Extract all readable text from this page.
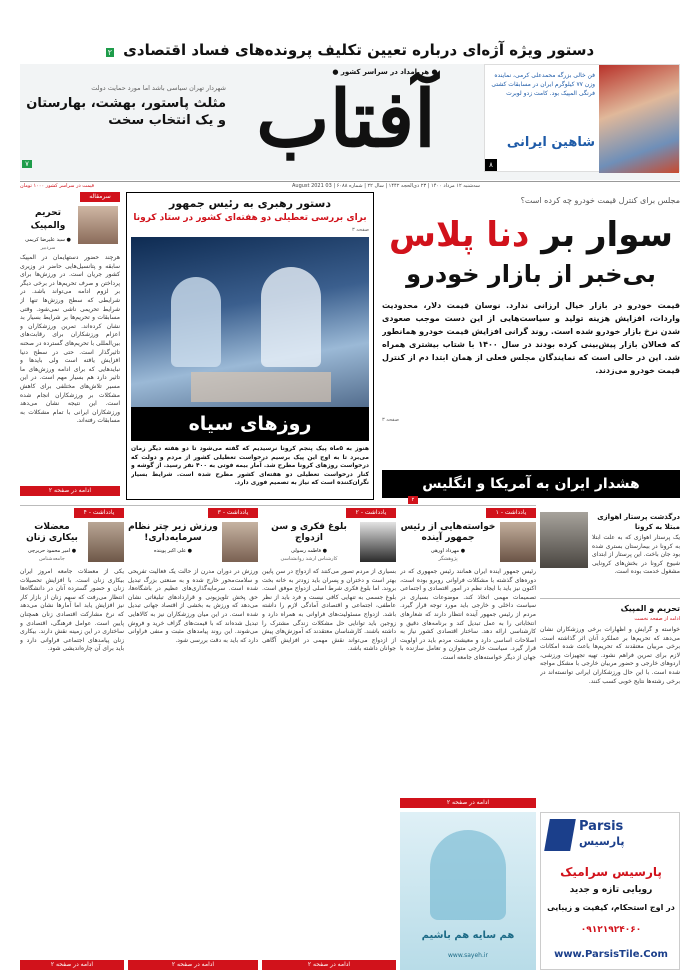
دستور ویژه آژه‌ای درباره تعیین تکلیف پرونده‌های فساد اقتصادی ۲
فن خالی بزرگه محمدعلی کرمی، نماینده وزن ۷۷ کیلوگرم ایران در مسابقات کشتی فرنگی المپیک بود. کامت زدو لوبرت
شاهین ایرانی
۸
● هربامداد در سراسر کشور ●
آفتاب
شهردار تهران سیاسی باشد اما مورد حمایت دولت
مثلث پاستور، بهشت، بهارستان
و یک انتخاب سخت
۷
سه‌شنبه ۱۲ مرداد ۱۴۰۰ | ۲۳ ذی‌الحجه ۱۴۴۲ | سال ۲۲ | شماره ۶۰۸۸ | 03 August 2021
قیمت در سراسر کشور ۱۰۰۰ تومان
سرمقاله
تحریم
والمپیک
● سید علیرضا کریمی
سردبیر
هرچند حضور دستهایمان در المپیک سابقه و پتانسیل‌هایی حاضر در وزیری کشور جریان است. در ورزش‌ها برای پرداختن و صرف تحریم‌ها در برخی دیگر بر لزوم ادامه می‌تواند باشد. در شرایطی که سطح ورزش‌ها تنها از شرایط تحریمی ناشی نمی‌شود. وقتی مسابقات و تحریم‌ها بر شرایط بسیار بد نشان کرده‌اند. تمرین ورزشکاران و اعزام ورزشکاران برای رقابت‌های بین‌المللی با تحریم‌های گسترده در صحنه تاثیرگذار است. حتی در سطح دنیا افزایش یافته است ولی بایدها و نبایدهایی که برای ادامه ورزش‌های ما تاثیر دارد هم بسیار مهم است. در این مسیر تلاش‌های مختلفی برای کاهش مشکلات بر ورزشکاران انجام شده است. این نتیجه نشان می‌دهد ورزشکاران ایرانی با تمام مشکلات به مسابقات رفته‌اند.
ادامه در صفحه ۲
دستور رهبری به رئیس جمهور
برای بررسی تعطیلی دو هفته‌ای کشور در ستاد کرونا
صفحه ۳
روزهای سیاه
هنوز به ۵ماه پیک پنجم کرونا نرسیدیم که گفته می‌شود تا دو هفته دیگر زمان می‌برد تا به اوج این پیک برسیم درخواست تعطیلی کشور از مردم و دولت که درخواست روزهای کرونا مطرح شد. آمار بیمه فوتی به ۴۰۰ نفر رسید. از گوشه و کنار درخواست تعطیلی دو هفته‌ای کشور مطرح شده است. شرایط بسیار نگران‌کننده است که نیاز به تصمیم فوری دارد.
مجلس برای کنترل قیمت خودرو چه کرده است؟
سوار بر دنا پلاس
بی‌خبر از بازار خودرو
قیمت خودرو در بازار خیال ارزانی ندارد. نوسان قیمت دلار، محدودیت واردات، افزایش هزینه تولید و سیاست‌هایی از این دست موجب صعودی شدن نرخ بازار خودرو شده است. روند گرانی افزایش قیمت خودرو همانطور که فعالان بازار پیش‌بینی کرده بودند در سال ۱۴۰۰ با شتاب بیشتری همراه شد. این در حالی است که نمایندگان مجلس فعلی از همان ابتدا دم از کنترل قیمت خودرو می‌زدند.
صفحه ۳
هشدار ایران به آمریکا و انگلیس
۲
یادداشت - ۴
معضلات بیکاری زنان
● امیر محمود حریرچی
جامعه‌شناس
یکی از معضلات جامعه امروز ایران بیکاری زنان است. با افزایش تحصیلات زنان و حضور گسترده آنان در دانشگاه‌ها انتظار می‌رفت که سهم زنان از بازار کار نیز افزایش یابد اما آمارها نشان می‌دهد که نرخ مشارکت اقتصادی زنان همچنان پایین است. عوامل فرهنگی، اقتصادی و ساختاری در این زمینه نقش دارند. بیکاری زنان پیامدهای اجتماعی فراوانی دارد و باید برای آن چاره‌اندیشی شود.
ادامه در صفحه ۲
یادداشت - ۳
ورزش زیر چتر نظام سرمایه‌داری!
● علی اکبر پوینده
ورزش در دوران مدرن از حالت یک فعالیت تفریحی و سلامت‌محور خارج شده و به صنعتی بزرگ تبدیل شده است. سرمایه‌گذاری‌های عظیم در باشگاه‌ها، حق پخش تلویزیونی و قراردادهای تبلیغاتی نشان می‌دهد که ورزش به بخشی از اقتصاد جهانی تبدیل شده است. در این میان ورزشکاران نیز به کالاهایی تبدیل شده‌اند که با قیمت‌های گزاف خرید و فروش می‌شوند. این روند پیامدهای مثبت و منفی فراوانی دارد که باید به دقت بررسی شود.
ادامه در صفحه ۲
یادداشت - ۲
بلوغ فکری و سن ازدواج
● فاطمه رسولی
کارشناس ارشد روانشناسی
بسیاری از مردم تصور می‌کنند که ازدواج در سن پایین بهتر است و دختران و پسران باید زودتر به خانه بخت بروند. اما بلوغ فکری شرط اصلی ازدواج موفق است. بلوغ جسمی به تنهایی کافی نیست و فرد باید از نظر عاطفی، اجتماعی و اقتصادی آمادگی لازم را داشته باشد. ازدواج مسئولیت‌های فراوانی به همراه دارد و زوجین باید توانایی حل مشکلات زندگی مشترک را داشته باشند. کارشناسان معتقدند که آموزش‌های پیش از ازدواج می‌تواند نقش مهمی در افزایش آگاهی جوانان داشته باشد.
ادامه در صفحه ۲
یادداشت - ۱
خواسته‌هایی از رئیس جمهور آینده
● مهرداد اورهی
پژوهشگر
رئیس جمهور آینده ایران همانند رئیس جمهوری که در دوره‌های گذشته با مشکلات فراوانی روبرو بوده است، اکنون نیز باید با ایجاد نظم در امور اقتصادی و اجتماعی تصمیمات مهمی اتخاذ کند. موضوعات بسیاری در سیاست داخلی و خارجی باید مورد توجه قرار گیرد. مردم از رئیس جمهور آینده انتظار دارند که شعارهای انتخاباتی را به عمل تبدیل کند و برنامه‌های دقیق و کارشناسی ارائه دهد. ساختار اقتصادی کشور نیاز به اصلاحات اساسی دارد و معیشت مردم باید در اولویت قرار گیرد. سیاست خارجی متوازن و تعامل سازنده با جهان از دیگر خواسته‌های جامعه است.
ادامه در صفحه ۲
هم سایه هم باشیم
www.sayeh.ir
درگذشت پرستار اهوازی مبتلا به کرونا
یک پرستار اهوازی که به علت ابتلا به کرونا در بیمارستان بستری شده بود جان باخت. این پرستار از ابتدای شیوع کرونا در بخش‌های کرونایی مشغول خدمت بوده است.
تحریم و المپیک
ادامه از صفحه نخست
خواسته و گرایش و اظهارات برخی ورزشکاران نشان می‌دهد که تحریم‌ها بر عملکرد آنان اثر گذاشته است. برخی مربیان معتقدند که تحریم‌ها باعث شده امکانات لازم برای تمرین فراهم نشود. تهیه تجهیزات ورزشی، اردوهای خارجی و حضور مربیان خارجی با مشکل مواجه شده است. با این حال ورزشکاران ایرانی توانسته‌اند در برخی رشته‌ها نتایج خوبی کسب کنند.
Parsis
پارسیس
پارسیس سرامیک
رویایی تازه و جدید
در اوج استحکام، کیفیت و زیبایی
۰۹۱۲۱۹۲۴۰۶۰
www.ParsisTile.Com
